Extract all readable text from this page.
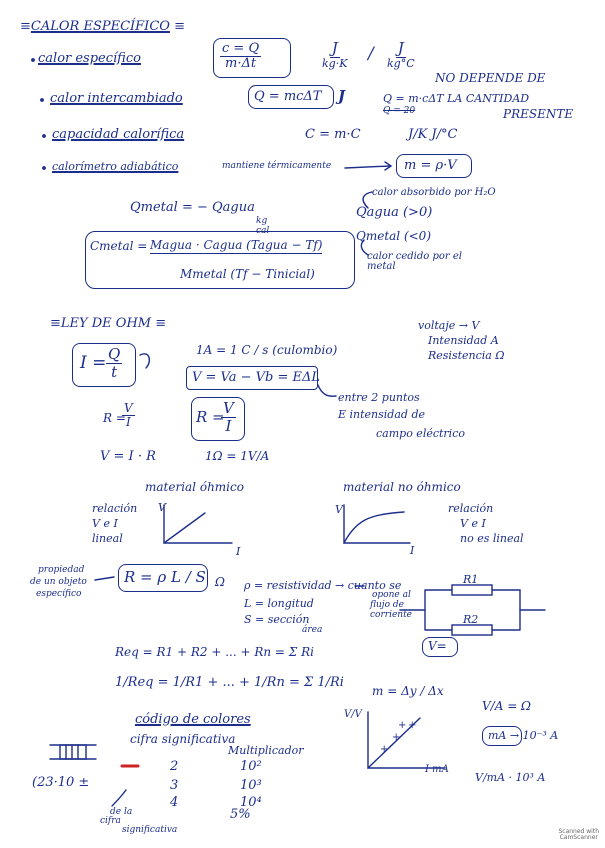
≡CALOR ESPECÍFICO ≡
calor específico	$\frac{c = Q}{m\cdot\Delta t}$	J
kg·K / J
kg°C
calor intercambiado	Q = mcΔT J
NO DEPENDE DE
Q = m·cΔT LA CANTIDAD
Q = 20	PRESENTE
capacidad calorífica	C = m·C	J/K J/°C
calorímetro adiabático	mantiene térmicamente	m = ρ·V
Qmetal = − Qagua
kg
cal
calor absorbido por H₂O
Qagua (>0)
Qmetal (<0)
calor cedido por el metal
Cmetal = Magua · Cagua (Tagua − Tf)
Mmetal (Tf − Tinicial)
≡LEY DE OHM ≡	voltaje → V
Intensidad A
Resistencia Ω
$I = \frac{Q}{t}$	1A = 1 C / s (culombio)
V = Va − Vb = EΔL
entre 2 puntos
E intensidad de
campo eléctrico
R =
$\frac{V}{I}$	R =
$\frac{V}{I}$
V = I · R	1Ω = 1V/A
material óhmico	material no óhmico
relación
V e I
lineal
V
I
V
I
relación
V e I
no es lineal
propiedad
de un objeto
específico
R = ρ L / S Ω ρ = resistividad → cuanto se
L = longitud
S = sección
opone al
flujo de
corriente
área
R1
R2
V=
Req = R1 + R2 + ... + Rn = Σ Ri
1/Req = 1/R1 + ... + 1/Rn = Σ 1/Ri
m = Δy / Δx
V/V
I mA
V/A = Ω
mA → 10⁻³ A
V/mA · 10³ A
código de colores
cifra significativa
Multiplicador
2	10²
3	10³
4	10⁴
5%
(23·10 ±
de la
cifra
significativa	Scanned with
CamScanner
+
+
+ +
